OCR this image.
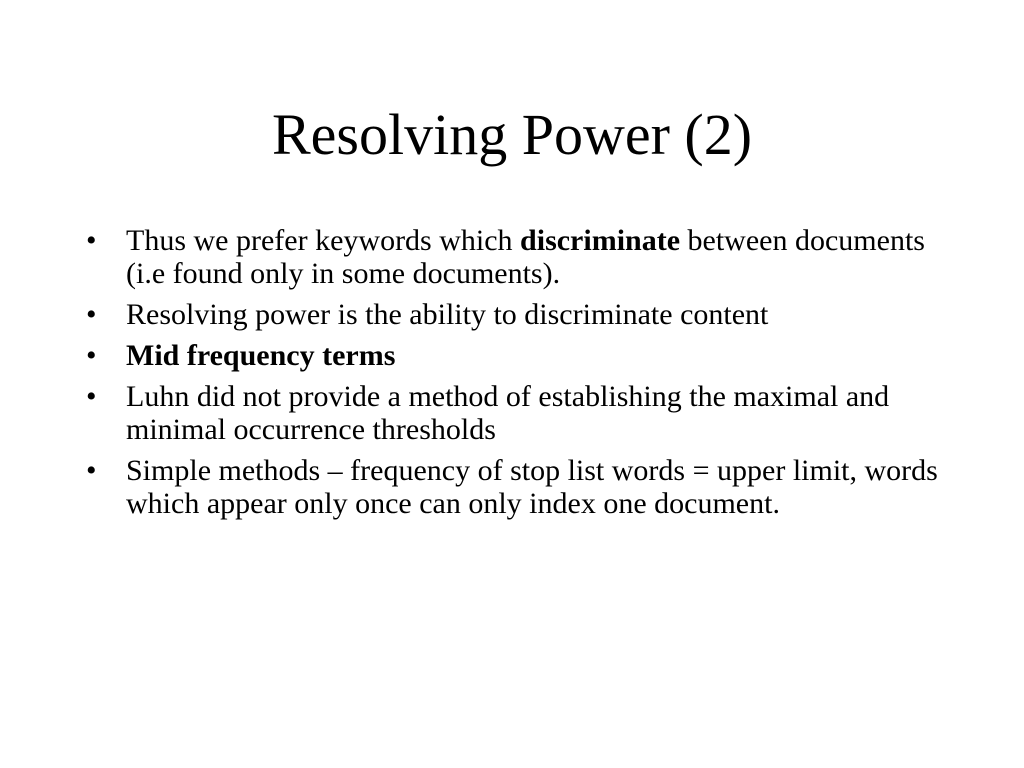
Resolving Power (2)
• Thus we prefer keywords which discriminate between documents (i.e found only in some documents).
• Resolving power is the ability to discriminate content
• Mid frequency terms
• Luhn did not provide a method of establishing the maximal and minimal occurrence thresholds
• Simple methods – frequency of stop list words = upper limit, words which appear only once can only index one document.
